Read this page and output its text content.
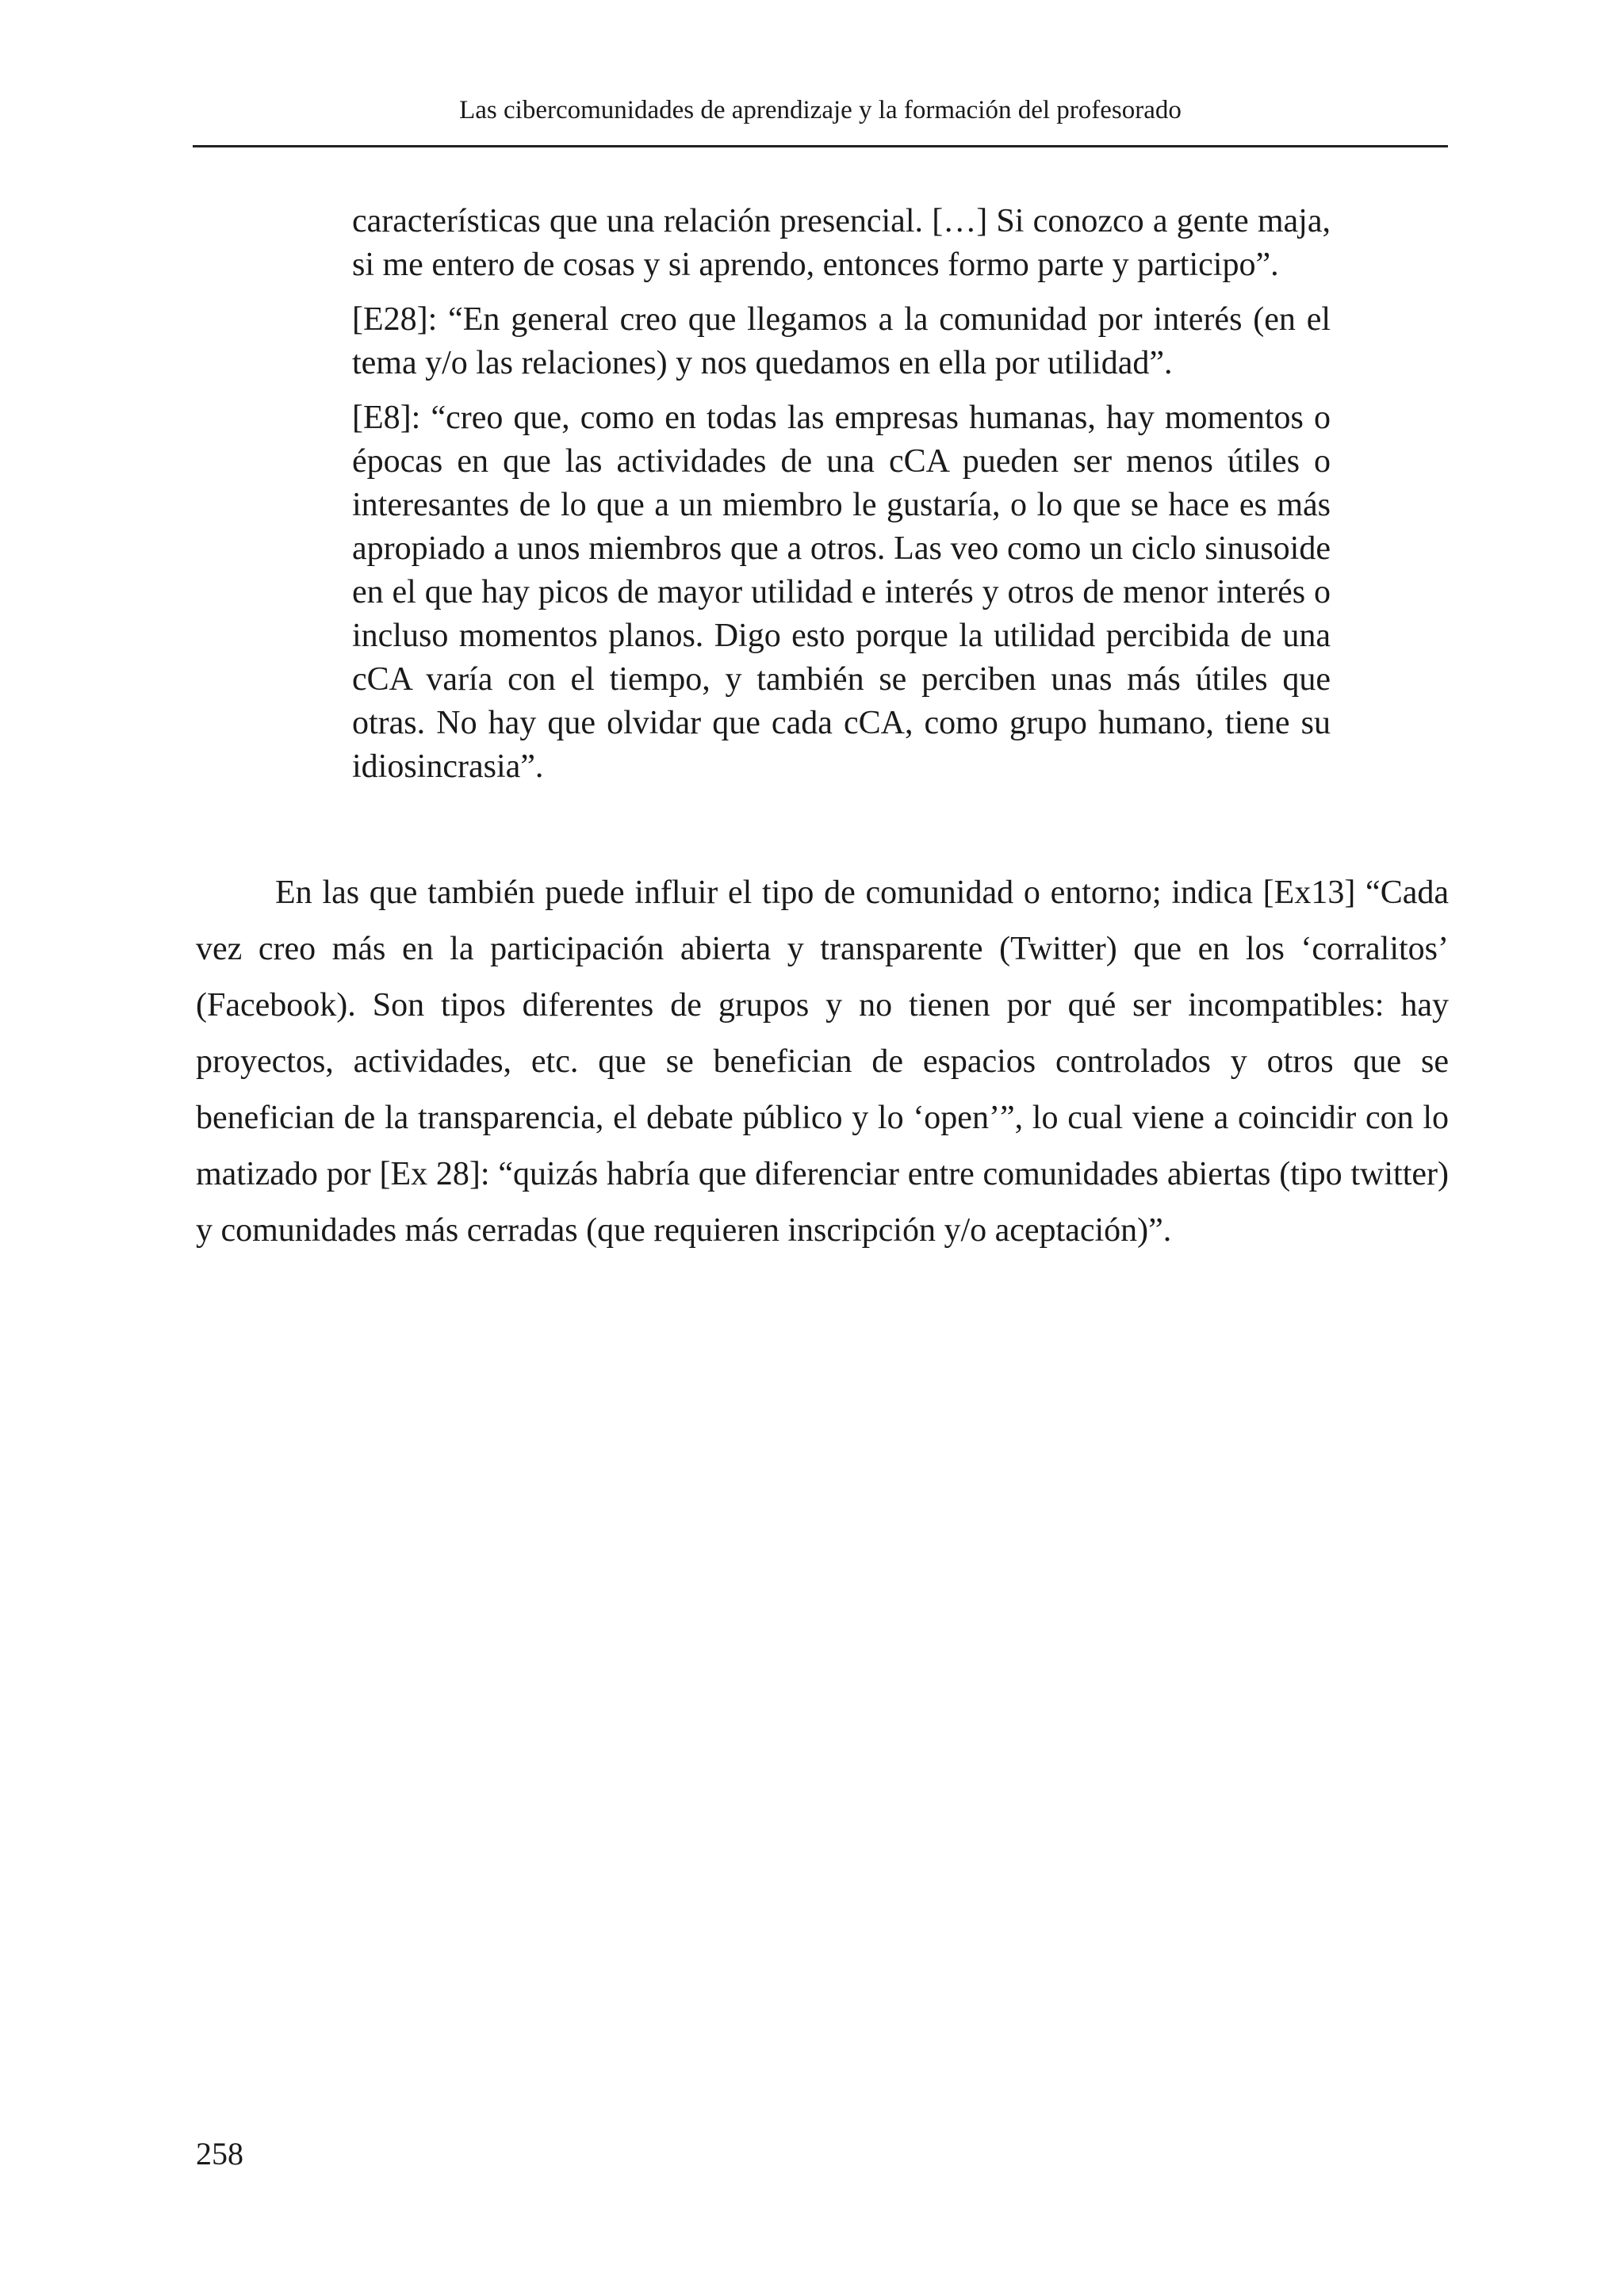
Las cibercomunidades de aprendizaje y la formación del profesorado

características que una relación presencial. […] Si conozco a gente maja, si me entero de cosas y si aprendo, entonces formo parte y participo”.

[E28]: “En general creo que llegamos a la comunidad por interés (en el tema y/o las relaciones) y nos quedamos en ella por utilidad”.

[E8]: “creo que, como en todas las empresas humanas, hay momentos o épocas en que las actividades de una cCA pueden ser menos útiles o interesantes de lo que a un miembro le gustaría, o lo que se hace es más apropiado a unos miembros que a otros. Las veo como un ciclo sinusoide en el que hay picos de mayor utilidad e interés y otros de menor interés o incluso momentos planos. Digo esto porque la utilidad percibida de una cCA varía con el tiempo, y también se perciben unas más útiles que otras. No hay que olvidar que cada cCA, como grupo humano, tiene su idiosincrasia”.

En las que también puede influir el tipo de comunidad o entorno; indica [Ex13] “Cada vez creo más en la participación abierta y transparente (Twitter) que en los ‘corralitos’ (Facebook). Son tipos diferentes de grupos y no tienen por qué ser incompatibles: hay proyectos, actividades, etc. que se benefician de espacios controlados y otros que se benefician de la transparencia, el debate público y lo ‘open’”, lo cual viene a coincidir con lo matizado por [Ex 28]: “quizás habría que diferenciar entre comunidades abiertas (tipo twitter) y comunidades más cerradas (que requieren inscripción y/o aceptación)”.

258
